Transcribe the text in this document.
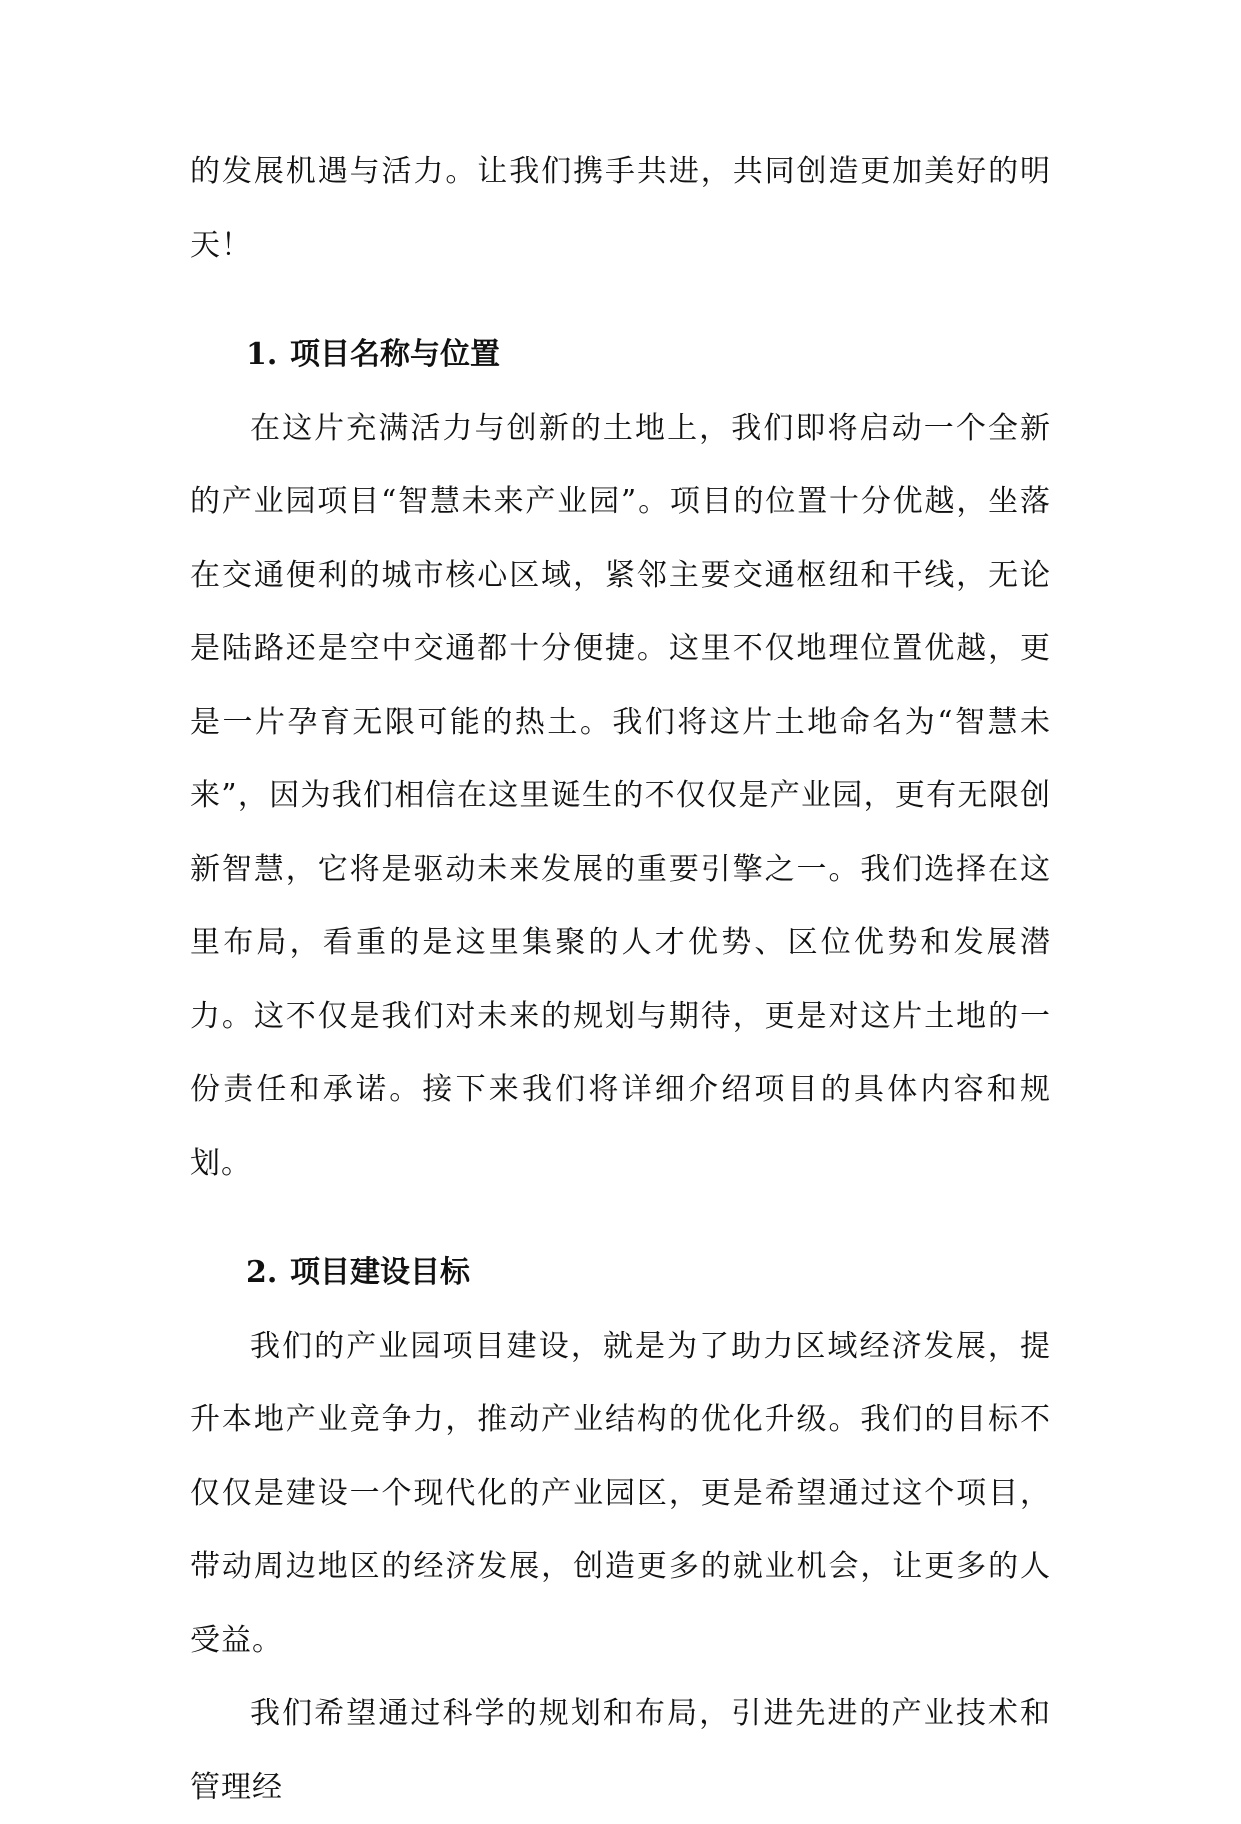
的发展机遇与活力。让我们携手共进，共同创造更加美好的明天！

1. 项目名称与位置

在这片充满活力与创新的土地上，我们即将启动一个全新的产业园项目“智慧未来产业园”。项目的位置十分优越，坐落在交通便利的城市核心区域，紧邻主要交通枢纽和干线，无论是陆路还是空中交通都十分便捷。这里不仅地理位置优越，更是一片孕育无限可能的热土。我们将这片土地命名为“智慧未来”，因为我们相信在这里诞生的不仅仅是产业园，更有无限创新智慧，它将是驱动未来发展的重要引擎之一。我们选择在这里布局，看重的是这里集聚的人才优势、区位优势和发展潜力。这不仅是我们对未来的规划与期待，更是对这片土地的一份责任和承诺。接下来我们将详细介绍项目的具体内容和规划。

2. 项目建设目标

我们的产业园项目建设，就是为了助力区域经济发展，提升本地产业竞争力，推动产业结构的优化升级。我们的目标不仅仅是建设一个现代化的产业园区，更是希望通过这个项目，带动周边地区的经济发展，创造更多的就业机会，让更多的人受益。

我们希望通过科学的规划和布局，引进先进的产业技术和管理经
